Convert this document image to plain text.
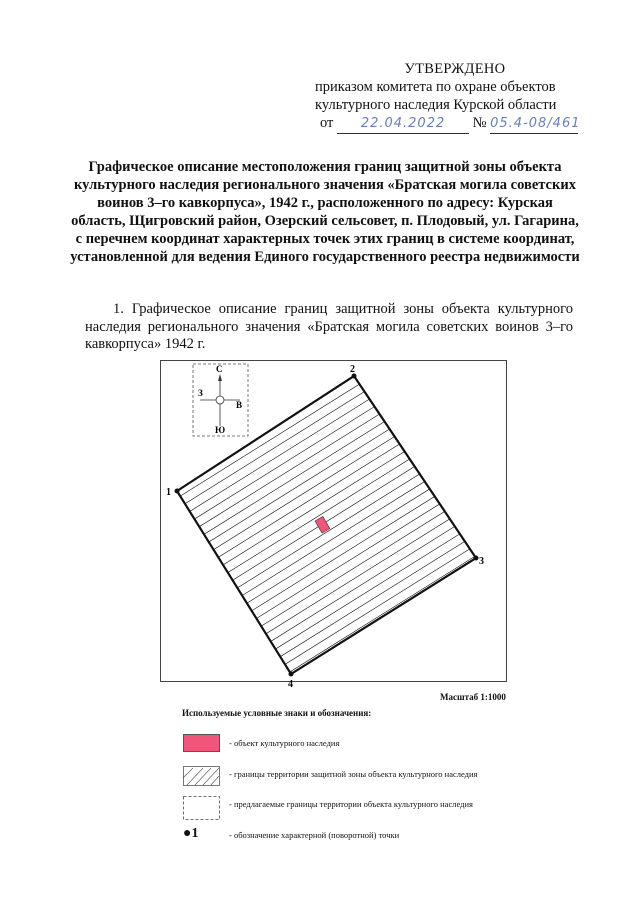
УТВЕРЖДЕНО
приказом комитета по охране объектов
культурного наследия Курской области
от 22.04.2022 № 05.4-08/461
Графическое описание местоположения границ защитной зоны объекта культурного наследия регионального значения «Братская могила советских воинов 3–го кавкорпуса», 1942 г., расположенного по адресу: Курская область, Щигровский район, Озерский сельсовет, п. Плодовый, ул. Гагарина, с перечнем координат характерных точек этих границ в системе координат, установленной для ведения Единого государственного реестра недвижимости
1. Графическое описание границ защитной зоны объекта культурного наследия регионального значения «Братская могила советских воинов 3–го кавкорпуса» 1942 г.
1
2
3
4
С
Ю
З
В
Масштаб 1:1000
Используемые условные знаки и обозначения:
- объект культурного наследия
- границы территории защитной зоны объекта культурного наследия
- предлагаемые границы территории объекта культурного наследия
●1	- обозначение характерной (поворотной) точки
